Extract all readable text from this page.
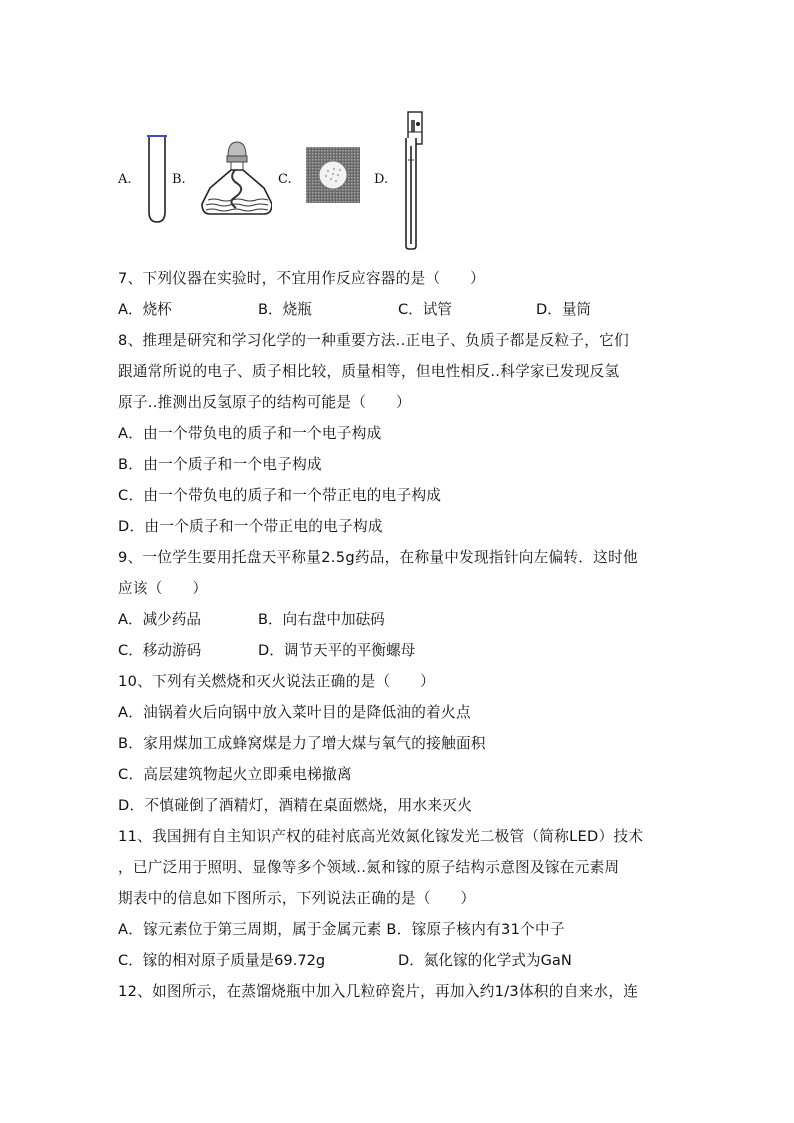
A.	B.	C.	D.
7、下列仪器在实验时，不宜用作反应容器的是（　　）
A．烧杯	B．烧瓶	C．试管	D．量筒
8、推理是研究和学习化学的一种重要方法..正电子、负质子都是反粒子，它们
跟通常所说的电子、质子相比较，质量相等，但电性相反..科学家已发现反氢
原子..推测出反氢原子的结构可能是（　　）
A．由一个带负电的质子和一个电子构成
B．由一个质子和一个电子构成
C．由一个带负电的质子和一个带正电的电子构成
D．由一个质子和一个带正电的电子构成
9、一位学生要用托盘天平称量2.5g药品，在称量中发现指针向左偏转．这时他
应该（　　）
A．减少药品	B．向右盘中加砝码
C．移动游码	D．调节天平的平衡螺母
10、下列有关燃烧和灭火说法正确的是（　　）
A．油锅着火后向锅中放入菜叶目的是降低油的着火点
B．家用煤加工成蜂窝煤是力了增大煤与氧气的接触面积
C．高层建筑物起火立即乘电梯撤离
D．不慎碰倒了酒精灯，酒精在桌面燃烧，用水来灭火
11、我国拥有自主知识产权的硅衬底高光效氮化镓发光二极管（简称LED）技术
，已广泛用于照明、显像等多个领域..氮和镓的原子结构示意图及镓在元素周
期表中的信息如下图所示，下列说法正确的是（　　）
A．镓元素位于第三周期，属于金属元素 B．镓原子核内有31个中子
C．镓的相对原子质量是69.72g	D．氮化镓的化学式为GaN
12、如图所示，在蒸馏烧瓶中加入几粒碎瓷片，再加入约1/3体积的自来水，连
